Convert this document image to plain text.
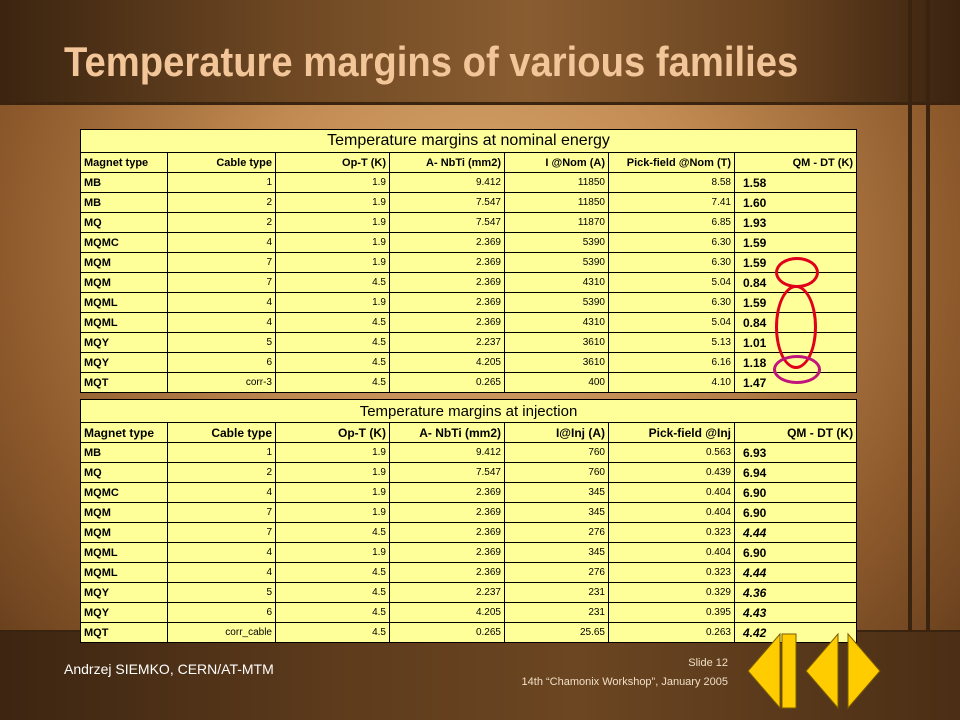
Temperature margins of various families
Temperature margins at nominal energy						
Magnet type	Cable type	Op-T (K)	A- NbTi (mm2)	I @Nom (A)	Pick-field @Nom (T)	QM - DT (K)
MB	1	1.9	9.412	11850	8.58	1.58
MB	2	1.9	7.547	11850	7.41	1.60
MQ	2	1.9	7.547	11870	6.85	1.93
MQMC	4	1.9	2.369	5390	6.30	1.59
MQM	7	1.9	2.369	5390	6.30	1.59
MQM	7	4.5	2.369	4310	5.04	0.84
MQML	4	1.9	2.369	5390	6.30	1.59
MQML	4	4.5	2.369	4310	5.04	0.84
MQY	5	4.5	2.237	3610	5.13	1.01
MQY	6	4.5	4.205	3610	6.16	1.18
MQT	corr-3	4.5	0.265	400	4.10	1.47
Temperature margins at injection						
Magnet type	Cable type	Op-T (K)	A- NbTi (mm2)	I@Inj (A)	Pick-field @Inj	QM - DT (K)
MB	1	1.9	9.412	760	0.563	6.93
MQ	2	1.9	7.547	760	0.439	6.94
MQMC	4	1.9	2.369	345	0.404	6.90
MQM	7	1.9	2.369	345	0.404	6.90
MQM	7	4.5	2.369	276	0.323	4.44
MQML	4	1.9	2.369	345	0.404	6.90
MQML	4	4.5	2.369	276	0.323	4.44
MQY	5	4.5	2.237	231	0.329	4.36
MQY	6	4.5	4.205	231	0.395	4.43
MQT	corr_cable	4.5	0.265	25.65	0.263	4.42
Andrzej SIEMKO, CERN/AT-MTM	Slide 12
14th “Chamonix Workshop”, January 2005
